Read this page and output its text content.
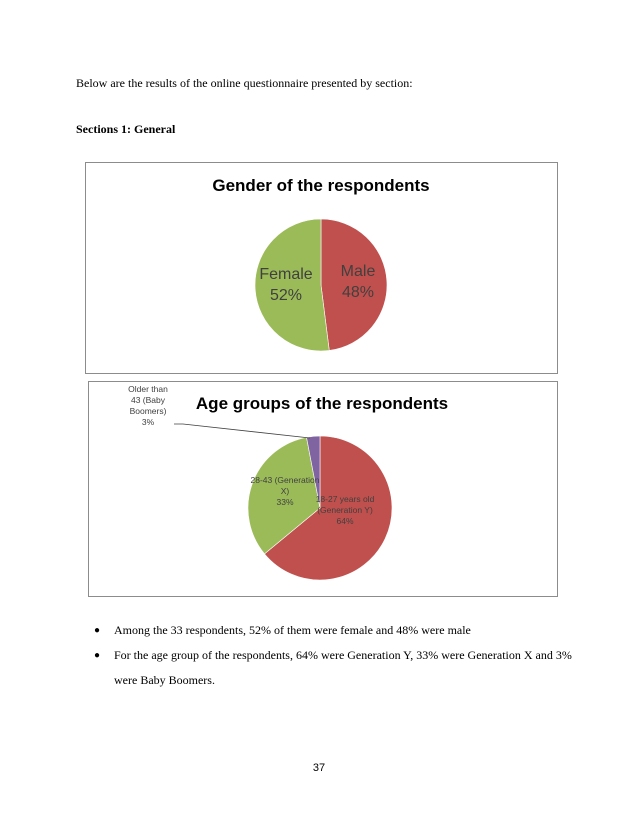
Below are the results of the online questionnaire presented by section:

Sections 1: General

Gender of the respondents
Male 48%
Female 52%
Age groups of the respondents
18-27 years old (Generation Y) 64%
28-43 (Generation X) 33%
Older than 43 (Baby Boomers) 3%
● Among the 33 respondents, 52% of them were female and 48% were male
● For the age group of the respondents, 64% were Generation Y, 33% were Generation X and 3% were Baby Boomers.
37
